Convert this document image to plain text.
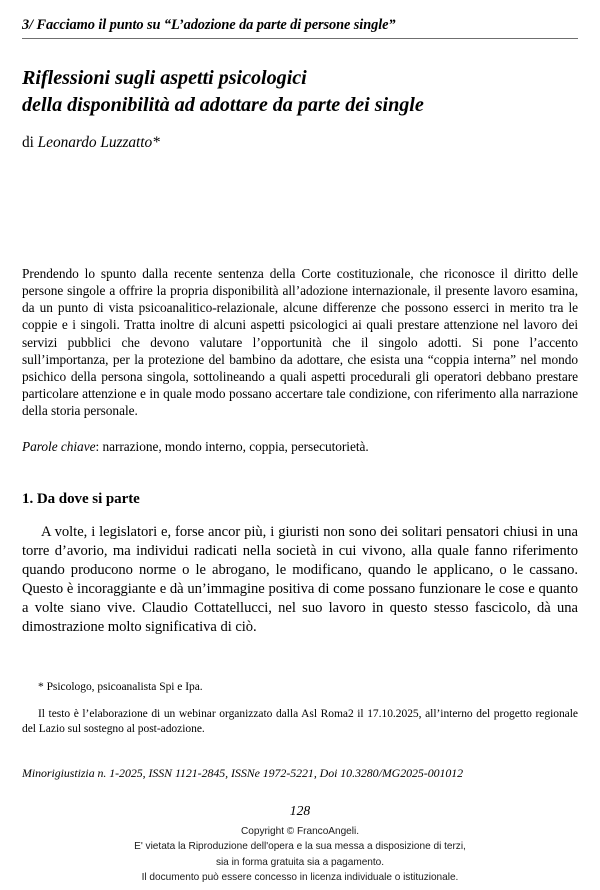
3/ Facciamo il punto su “L’adozione da parte di persone single”
Riflessioni sugli aspetti psicologici
della disponibilità ad adottare da parte dei single
di Leonardo Luzzatto*

Prendendo lo spunto dalla recente sentenza della Corte costituzionale, che riconosce il diritto delle persone singole a offrire la propria disponibilità all’adozione internazionale, il presente lavoro esamina, da un punto di vista psicoanalitico-relazionale, alcune differenze che possono esserci in merito tra le coppie e i singoli. Tratta inoltre di alcuni aspetti psicologici ai quali prestare attenzione nel lavoro dei servizi pubblici che devono valutare l’opportunità che il singolo adotti. Si pone l’accento sull’importanza, per la protezione del bambino da adottare, che esista una “coppia interna” nel mondo psichico della persona singola, sottolineando a quali aspetti procedurali gli operatori debbano prestare particolare attenzione e in quale modo possano accertare tale condizione, con riferimento alla narrazione della storia personale.

Parole chiave: narrazione, mondo interno, coppia, persecutorietà.

1. Da dove si parte

A volte, i legislatori e, forse ancor più, i giuristi non sono dei solitari pensatori chiusi in una torre d’avorio, ma individui radicati nella società in cui vivono, alla quale fanno riferimento quando producono norme o le abrogano, le modificano, quando le applicano, o le cassano. Questo è incoraggiante e dà un’immagine positiva di come possano funzionare le cose e quanto a volte siano vive. Claudio Cottatellucci, nel suo lavoro in questo stesso fascicolo, dà una dimostrazione molto significativa di ciò.

* Psicologo, psicoanalista Spi e Ipa.

Il testo è l’elaborazione di un webinar organizzato dalla Asl Roma2 il 17.10.2025, all’interno del progetto regionale del Lazio sul sostegno al post-adozione.

Minorigiustizia n. 1-2025, ISSN 1121-2845, ISSNe 1972-5221, Doi 10.3280/MG2025-001012
128
Copyright © FrancoAngeli.
E' vietata la Riproduzione dell'opera e la sua messa a disposizione di terzi,
sia in forma gratuita sia a pagamento.
Il documento può essere concesso in licenza individuale o istituzionale.
